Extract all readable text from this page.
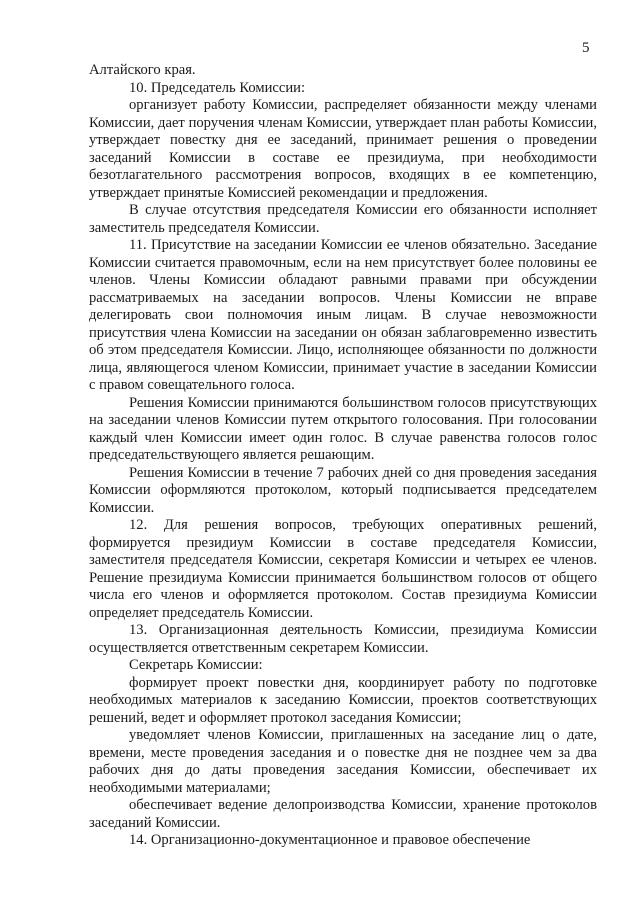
5

Алтайского края.

10. Председатель Комиссии:

организует работу Комиссии, распределяет обязанности между членами Комиссии, дает поручения членам Комиссии, утверждает план работы Комиссии, утверждает повестку дня ее заседаний, принимает решения о проведении заседаний Комиссии в составе ее президиума, при необходимости безотлагательного рассмотрения вопросов, входящих в ее компетенцию, утверждает принятые Комиссией рекомендации и предложения.

В случае отсутствия председателя Комиссии его обязанности исполняет заместитель председателя Комиссии.

11. Присутствие на заседании Комиссии ее членов обязательно. Заседание Комиссии считается правомочным, если на нем присутствует более половины ее членов. Члены Комиссии обладают равными правами при обсуждении рассматриваемых на заседании вопросов. Члены Комиссии не вправе делегировать свои полномочия иным лицам. В случае невозможности присутствия члена Комиссии на заседании он обязан заблаговременно известить об этом председателя Комиссии. Лицо, исполняющее обязанности по должности лица, являющегося членом Комиссии, принимает участие в заседании Комиссии с правом совещательного голоса.

Решения Комиссии принимаются большинством голосов присутствующих на заседании членов Комиссии путем открытого голосования. При голосовании каждый член Комиссии имеет один голос. В случае равенства голосов голос председательствующего является решающим.

Решения Комиссии в течение 7 рабочих дней со дня проведения заседания Комиссии оформляются протоколом, который подписывается председателем Комиссии.

12. Для решения вопросов, требующих оперативных решений, формируется президиум Комиссии в составе председателя Комиссии, заместителя председателя Комиссии, секретаря Комиссии и четырех ее членов. Решение президиума Комиссии принимается большинством голосов от общего числа его членов и оформляется протоколом. Состав президиума Комиссии определяет председатель Комиссии.

13. Организационная деятельность Комиссии, президиума Комиссии осуществляется ответственным секретарем Комиссии.

Секретарь Комиссии:

формирует проект повестки дня, координирует работу по подготовке необходимых материалов к заседанию Комиссии, проектов соответствующих решений, ведет и оформляет протокол заседания Комиссии;

уведомляет членов Комиссии, приглашенных на заседание лиц о дате, времени, месте проведения заседания и о повестке дня не позднее чем за два рабочих дня до даты проведения заседания Комиссии, обеспечивает их необходимыми материалами;

обеспечивает ведение делопроизводства Комиссии, хранение протоколов заседаний Комиссии.

14. Организационно-документационное и правовое обеспечение
